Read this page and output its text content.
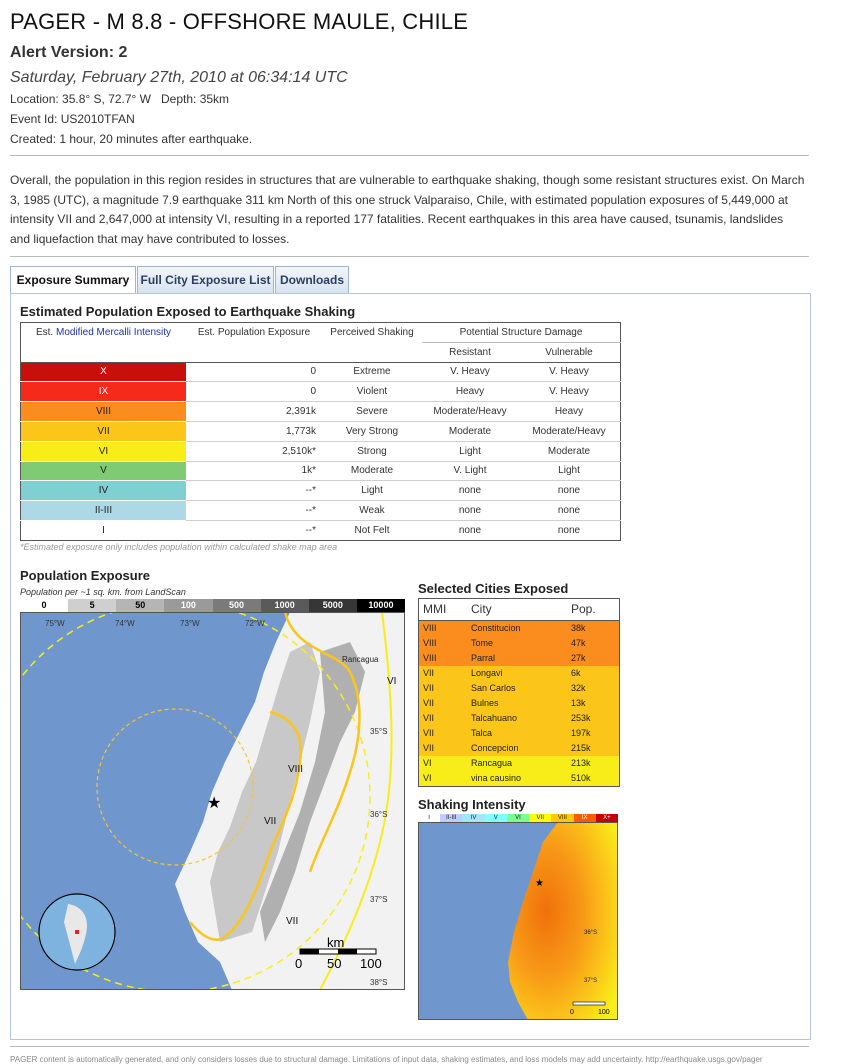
PAGER - M 8.8 - OFFSHORE MAULE, CHILE
Alert Version: 2
Saturday, February 27th, 2010 at 06:34:14 UTC
Location: 35.8° S, 72.7° W   Depth: 35km
Event Id: US2010TFAN
Created: 1 hour, 20 minutes after earthquake.
Overall, the population in this region resides in structures that are vulnerable to earthquake shaking, though some resistant structures exist. On March 3, 1985 (UTC), a magnitude 7.9 earthquake 311 km North of this one struck Valparaiso, Chile, with estimated population exposures of 5,449,000 at intensity VII and 2,647,000 at intensity VI, resulting in a reported 177 fatalities. Recent earthquakes in this area have caused, tsunamis, landslides and liquefaction that may have contributed to losses.
Exposure Summary Full City Exposure List Downloads
Estimated Population Exposed to Earthquake Shaking
Est. Modified Mercalli Intensity	Est. Population Exposure	Perceived Shaking	Potential Structure Damage	
			Resistant	Vulnerable
X	0	Extreme	V. Heavy	V. Heavy
IX	0	Violent	Heavy	V. Heavy
VIII	2,391k	Severe	Moderate/Heavy	Heavy
VII	1,773k	Very Strong	Moderate	Moderate/Heavy
VI	2,510k*	Strong	Light	Moderate
V	1k*	Moderate	V. Light	Light
IV	--*	Light	none	none
II-III	--*	Weak	none	none
I	--*	Not Felt	none	none
*Estimated exposure only includes population within calculated shake map area
Population Exposure
Population per ~1 sq. km. from LandScan
0	5	50	100	500	1000	5000	10000
75°W	74°W	73°W	72°W
35°S
36°S
37°S
38°S
VI
VII
VIII
VII
Rancagua
★
km
0 50 100
Selected Cities Exposed
MMI	City	Pop.
VIII	Constitucion	38k
VIII	Tome	47k
VIII	Parral	27k
VII	Longavi	6k
VII	San Carlos	32k
VII	Bulnes	13k
VII	Talcahuano	253k
VII	Talca	197k
VII	Concepcion	215k
VI	Rancagua	213k
VI	vina causino	510k
Shaking Intensity
I	II-III	IV	V	VI	VII	VIII	IX	X+
36°S
37°S
★
0	100
PAGER content is automatically generated, and only considers losses due to structural damage. Limitations of input data, shaking estimates, and loss models may add uncertainty. http://earthquake.usgs.gov/pager
